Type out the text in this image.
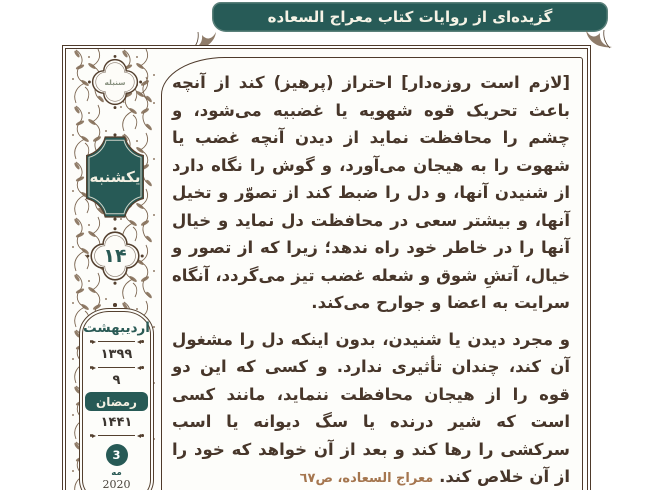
گزیده‌ای از روایات کتاب معراج السعاده

[لازم است روزه‌دار] احتراز (پرهیز) کند از آنچه باعث تحریک قوه شهویه یا غضبیه می‌شود، و چشم را محافظت نماید از دیدن آنچه غضب یا شهوت را به هیجان می‌آورد، و گوش را نگاه دارد از شنیدن آنها، و دل را ضبط کند از تصوّر و تخیل آنها، و بیشتر سعی در محافظت دل نماید و خیال آنها را در خاطر خود راه ندهد؛ زیرا که از تصور و خیال، آتشِ شوق و شعله غضب تیز می‌گردد، آنگاه سرایت به اعضا و جوارح می‌کند.

و مجرد دیدن یا شنیدن، بدون اینکه دل را مشغول آن کند، چندان تأثیری ندارد. و کسی که این دو قوه را از هیجان محافظت ننماید، مانند کسی است که شیر درنده یا سگ دیوانه یا اسب سرکشی را رها کند و بعد از آن خواهد که خود را از آن خلاص کند. معراج السعاده، ص٦٧

سنبله
یکشنبه
۱۴
اردیبهشت
۱۳۹۹
۹
رمضان
۱۴۴۱
3
مه
2020
